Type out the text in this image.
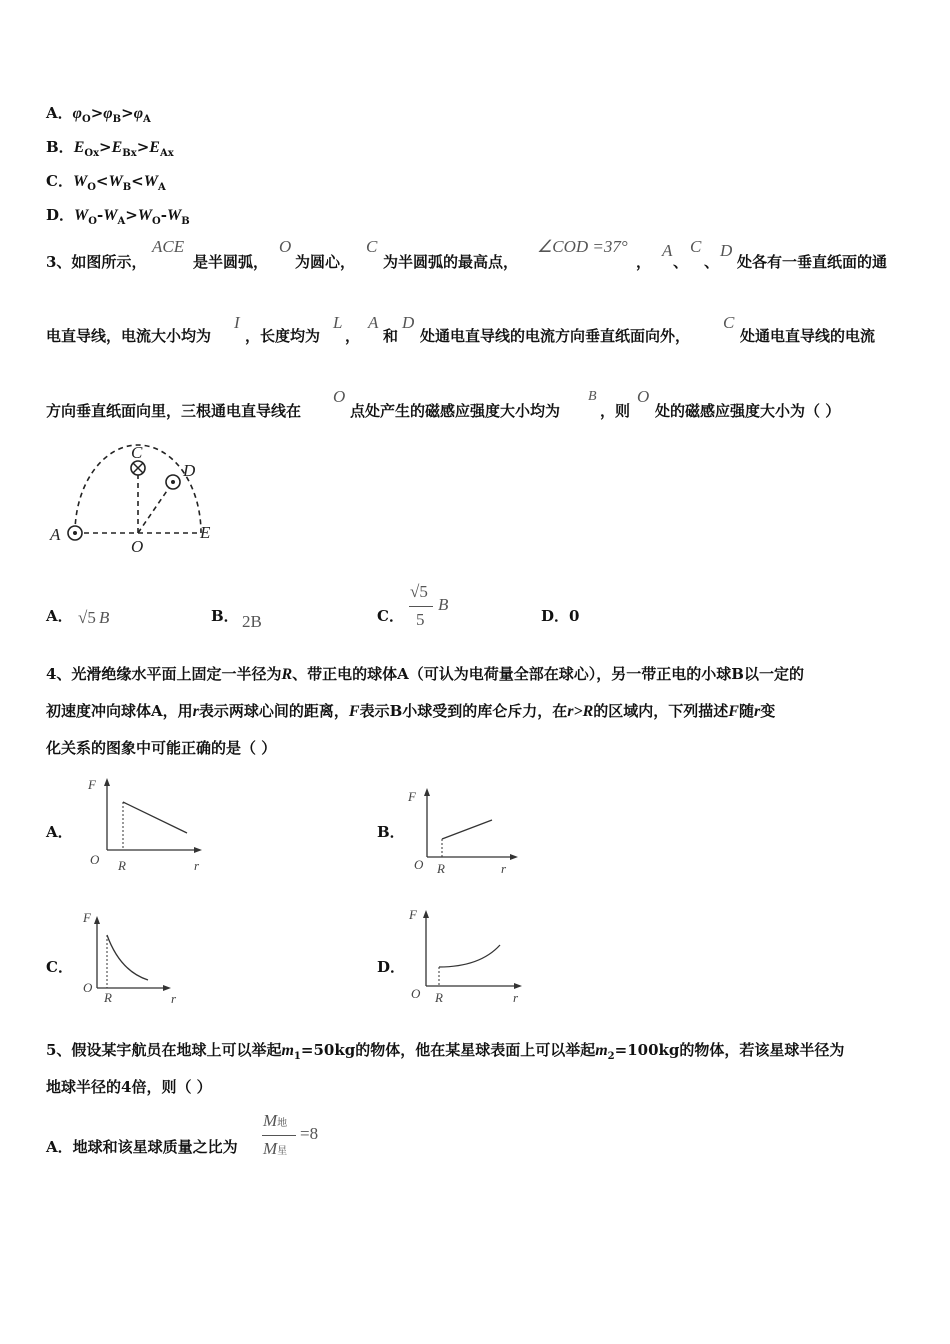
A．$\varphi_O>\varphi_B>\varphi_A$
B．$E_{Ox}>E_{Bx}>E_{Ax}$
C．$W_O<W_B<W_A$
D．$W_O-W_A>W_O-W_B$
3、如图所示，
ACE
是半圆弧，
O
为圆心，
C
为半圆弧的最高点，
∠COD =37°
，
A
、
C
、
D
处各有一垂直纸面的通
电直导线，电流大小均为
I
，长度均为
L
，
A
和
D
处通电直导线的电流方向垂直纸面向外，
C
处通电直导线的电流
方向垂直纸面向里，三根通电直导线在
O
点处产生的磁感应强度大小均为
B
，则
O
处的磁感应强度大小为（ ）
A
C
D
O
E
A． √5 B	B． 2B	C．
√5
5
B
D．0
4、光滑绝缘水平面上固定一半径为R、带正电的球体A（可认为电荷量全部在球心），另一带正电的小球B以一定的
初速度冲向球体A，用r表示两球心间的距离，F表示B小球受到的库仑斥力，在r>R的区域内，下列描述F随r变
化关系的图象中可能正确的是（ ）
A．
F
O R	r
B．
F
O R	r
C．
F
O
R	r
D．
F
O R	r
5、假设某宇航员在地球上可以举起$m_1=50kg$的物体，他在某星球表面上可以举起$m_2=100kg$的物体，若该星球半径为
地球半径的4倍，则（ ）
A．地球和该星球质量之比为
M地
M星
=8
